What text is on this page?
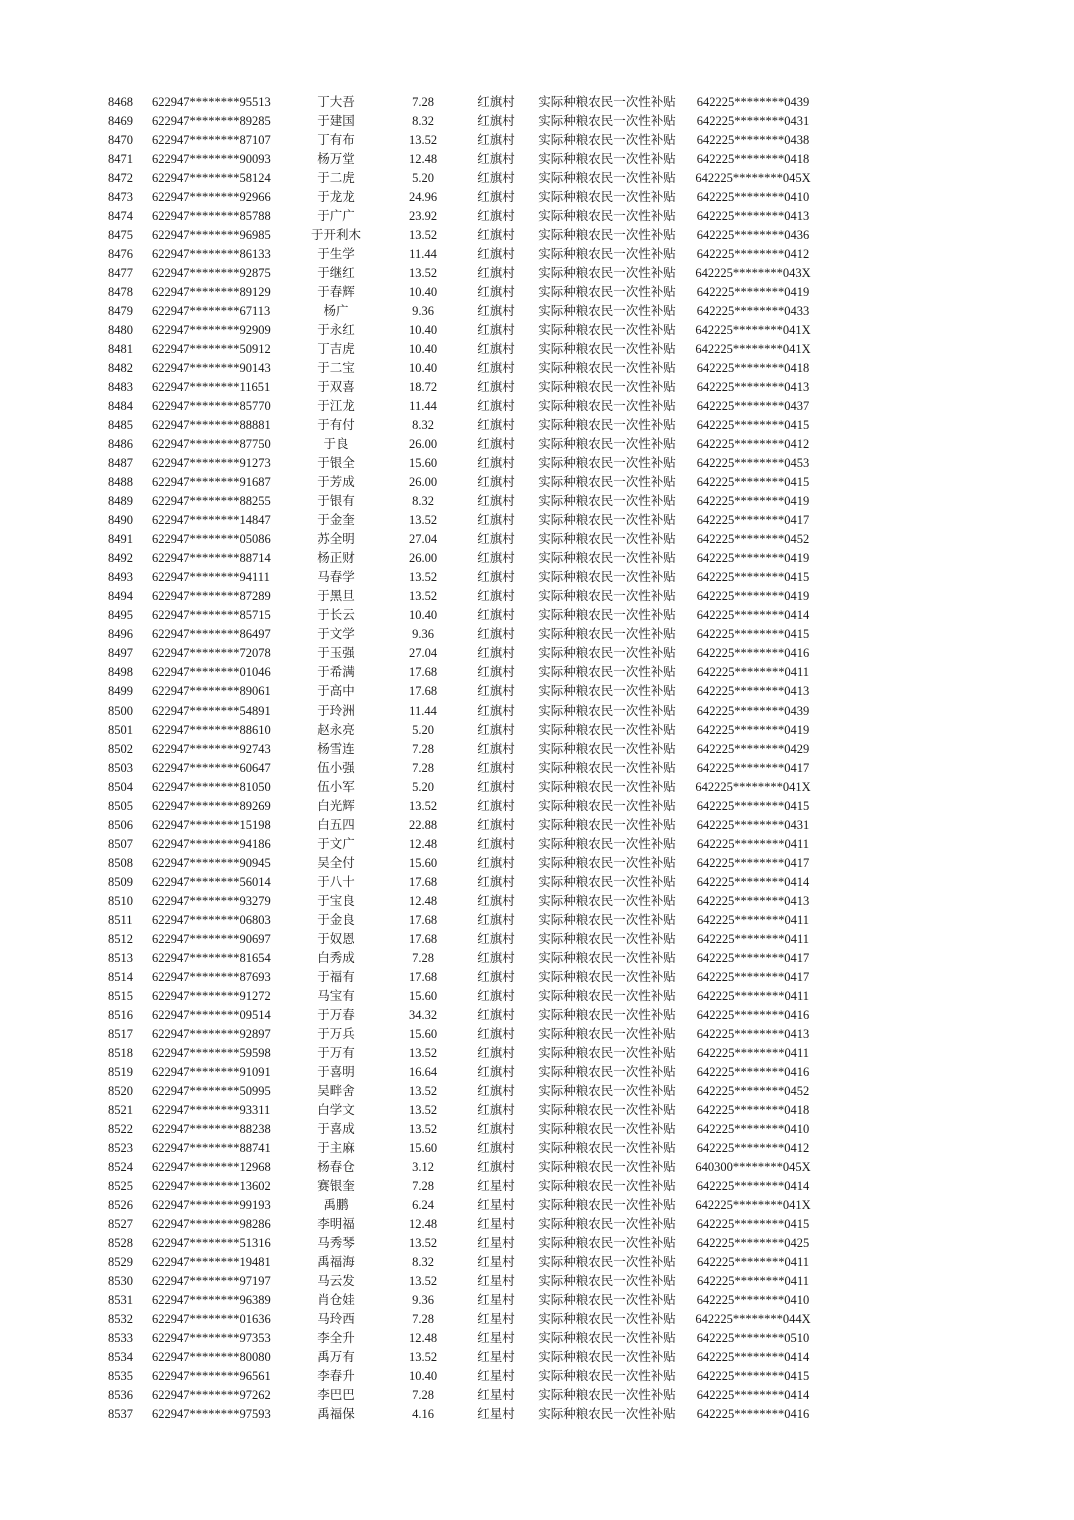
8468	622947********95513	丁大吾	7.28	红旗村	实际种粮农民一次性补贴	642225********0439
8469	622947********89285	于建国	8.32	红旗村	实际种粮农民一次性补贴	642225********0431
8470	622947********87107	丁有布	13.52	红旗村	实际种粮农民一次性补贴	642225********0438
8471	622947********90093	杨万堂	12.48	红旗村	实际种粮农民一次性补贴	642225********0418
8472	622947********58124	于二虎	5.20	红旗村	实际种粮农民一次性补贴	642225********045X
8473	622947********92966	于龙龙	24.96	红旗村	实际种粮农民一次性补贴	642225********0410
8474	622947********85788	于广广	23.92	红旗村	实际种粮农民一次性补贴	642225********0413
8475	622947********96985	于开利木	13.52	红旗村	实际种粮农民一次性补贴	642225********0436
8476	622947********86133	于生学	11.44	红旗村	实际种粮农民一次性补贴	642225********0412
8477	622947********92875	于继红	13.52	红旗村	实际种粮农民一次性补贴	642225********043X
8478	622947********89129	于春辉	10.40	红旗村	实际种粮农民一次性补贴	642225********0419
8479	622947********67113	杨广	9.36	红旗村	实际种粮农民一次性补贴	642225********0433
8480	622947********92909	于永红	10.40	红旗村	实际种粮农民一次性补贴	642225********041X
8481	622947********50912	丁吉虎	10.40	红旗村	实际种粮农民一次性补贴	642225********041X
8482	622947********90143	于二宝	10.40	红旗村	实际种粮农民一次性补贴	642225********0418
8483	622947********11651	于双喜	18.72	红旗村	实际种粮农民一次性补贴	642225********0413
8484	622947********85770	于江龙	11.44	红旗村	实际种粮农民一次性补贴	642225********0437
8485	622947********88881	于有付	8.32	红旗村	实际种粮农民一次性补贴	642225********0415
8486	622947********87750	于良	26.00	红旗村	实际种粮农民一次性补贴	642225********0412
8487	622947********91273	于银全	15.60	红旗村	实际种粮农民一次性补贴	642225********0453
8488	622947********91687	于芳成	26.00	红旗村	实际种粮农民一次性补贴	642225********0415
8489	622947********88255	于银有	8.32	红旗村	实际种粮农民一次性补贴	642225********0419
8490	622947********14847	于金奎	13.52	红旗村	实际种粮农民一次性补贴	642225********0417
8491	622947********05086	苏全明	27.04	红旗村	实际种粮农民一次性补贴	642225********0452
8492	622947********88714	杨正财	26.00	红旗村	实际种粮农民一次性补贴	642225********0419
8493	622947********94111	马春学	13.52	红旗村	实际种粮农民一次性补贴	642225********0415
8494	622947********87289	于黑旦	13.52	红旗村	实际种粮农民一次性补贴	642225********0419
8495	622947********85715	于长云	10.40	红旗村	实际种粮农民一次性补贴	642225********0414
8496	622947********86497	于文学	9.36	红旗村	实际种粮农民一次性补贴	642225********0415
8497	622947********72078	于玉强	27.04	红旗村	实际种粮农民一次性补贴	642225********0416
8498	622947********01046	于希满	17.68	红旗村	实际种粮农民一次性补贴	642225********0411
8499	622947********89061	于高中	17.68	红旗村	实际种粮农民一次性补贴	642225********0413
8500	622947********54891	于玲洲	11.44	红旗村	实际种粮农民一次性补贴	642225********0439
8501	622947********88610	赵永亮	5.20	红旗村	实际种粮农民一次性补贴	642225********0419
8502	622947********92743	杨雪连	7.28	红旗村	实际种粮农民一次性补贴	642225********0429
8503	622947********60647	伍小强	7.28	红旗村	实际种粮农民一次性补贴	642225********0417
8504	622947********81050	伍小军	5.20	红旗村	实际种粮农民一次性补贴	642225********041X
8505	622947********89269	白光辉	13.52	红旗村	实际种粮农民一次性补贴	642225********0415
8506	622947********15198	白五四	22.88	红旗村	实际种粮农民一次性补贴	642225********0431
8507	622947********94186	于文广	12.48	红旗村	实际种粮农民一次性补贴	642225********0411
8508	622947********90945	吴全付	15.60	红旗村	实际种粮农民一次性补贴	642225********0417
8509	622947********56014	于八十	17.68	红旗村	实际种粮农民一次性补贴	642225********0414
8510	622947********93279	于宝良	12.48	红旗村	实际种粮农民一次性补贴	642225********0413
8511	622947********06803	于金良	17.68	红旗村	实际种粮农民一次性补贴	642225********0411
8512	622947********90697	于奴恩	17.68	红旗村	实际种粮农民一次性补贴	642225********0411
8513	622947********81654	白秀成	7.28	红旗村	实际种粮农民一次性补贴	642225********0417
8514	622947********87693	于福有	17.68	红旗村	实际种粮农民一次性补贴	642225********0417
8515	622947********91272	马宝有	15.60	红旗村	实际种粮农民一次性补贴	642225********0411
8516	622947********09514	于万春	34.32	红旗村	实际种粮农民一次性补贴	642225********0416
8517	622947********92897	于万兵	15.60	红旗村	实际种粮农民一次性补贴	642225********0413
8518	622947********59598	于万有	13.52	红旗村	实际种粮农民一次性补贴	642225********0411
8519	622947********91091	于喜明	16.64	红旗村	实际种粮农民一次性补贴	642225********0416
8520	622947********50995	吴畔舍	13.52	红旗村	实际种粮农民一次性补贴	642225********0452
8521	622947********93311	白学文	13.52	红旗村	实际种粮农民一次性补贴	642225********0418
8522	622947********88238	于喜成	13.52	红旗村	实际种粮农民一次性补贴	642225********0410
8523	622947********88741	于主麻	15.60	红旗村	实际种粮农民一次性补贴	642225********0412
8524	622947********12968	杨春仓	3.12	红旗村	实际种粮农民一次性补贴	640300********045X
8525	622947********13602	赛银奎	7.28	红星村	实际种粮农民一次性补贴	642225********0414
8526	622947********99193	禹鹏	6.24	红星村	实际种粮农民一次性补贴	642225********041X
8527	622947********98286	李明福	12.48	红星村	实际种粮农民一次性补贴	642225********0415
8528	622947********51316	马秀琴	13.52	红星村	实际种粮农民一次性补贴	642225********0425
8529	622947********19481	禹福海	8.32	红星村	实际种粮农民一次性补贴	642225********0411
8530	622947********97197	马云发	13.52	红星村	实际种粮农民一次性补贴	642225********0411
8531	622947********96389	肖仓娃	9.36	红星村	实际种粮农民一次性补贴	642225********0410
8532	622947********01636	马玲西	7.28	红星村	实际种粮农民一次性补贴	642225********044X
8533	622947********97353	李全升	12.48	红星村	实际种粮农民一次性补贴	642225********0510
8534	622947********80080	禹万有	13.52	红星村	实际种粮农民一次性补贴	642225********0414
8535	622947********96561	李春升	10.40	红星村	实际种粮农民一次性补贴	642225********0415
8536	622947********97262	李巴巴	7.28	红星村	实际种粮农民一次性补贴	642225********0414
8537	622947********97593	禹福保	4.16	红星村	实际种粮农民一次性补贴	642225********0416
